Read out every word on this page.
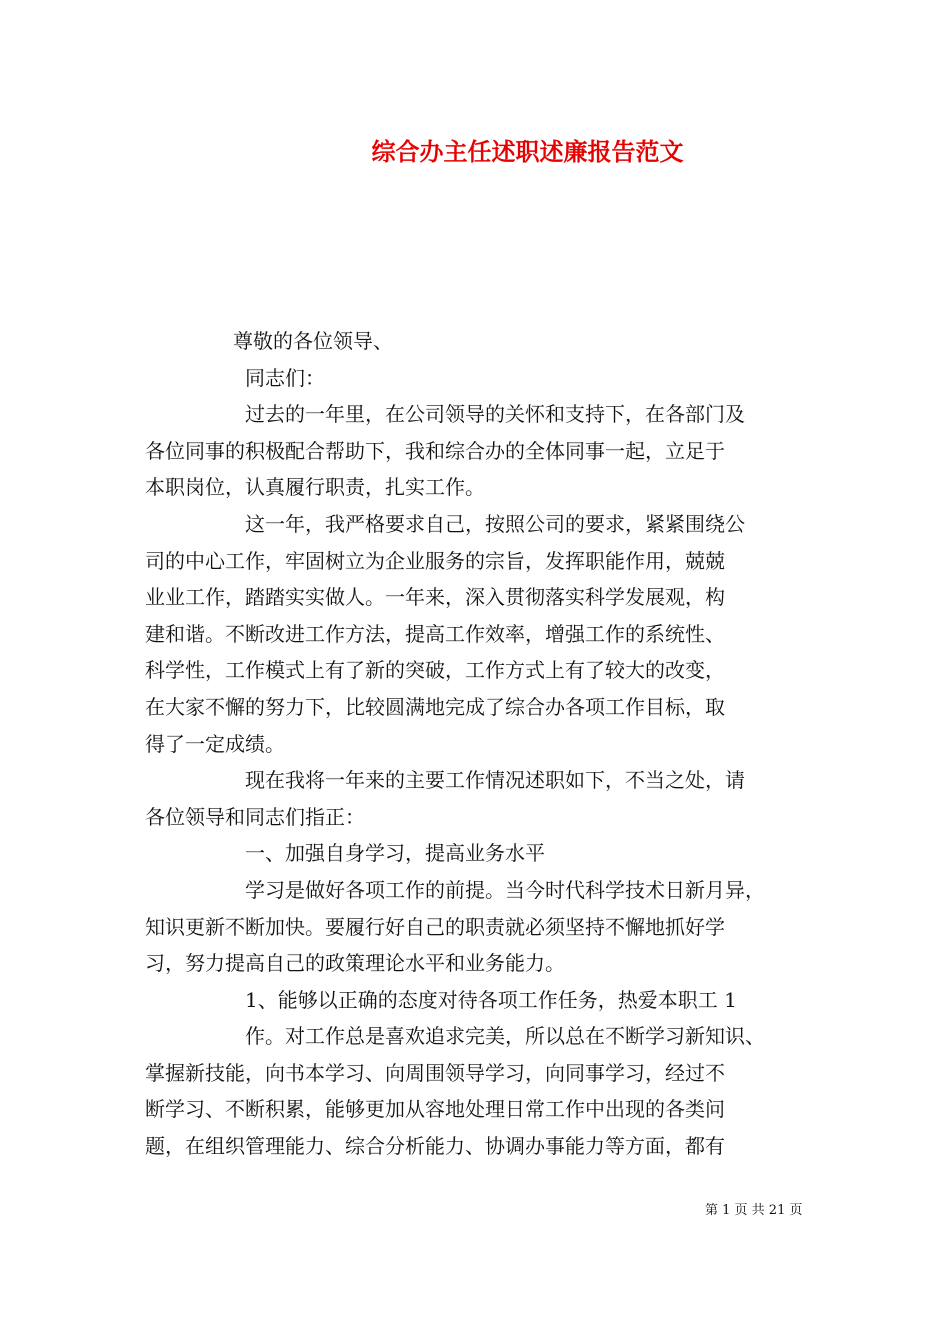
综合办主任述职述廉报告范文
尊敬的各位领导、
同志们：
过去的一年里，在公司领导的关怀和支持下，在各部门及
各位同事的积极配合帮助下，我和综合办的全体同事一起，立足于
本职岗位，认真履行职责，扎实工作。
这一年，我严格要求自己，按照公司的要求，紧紧围绕公
司的中心工作，牢固树立为企业服务的宗旨，发挥职能作用，兢兢
业业工作，踏踏实实做人。一年来，深入贯彻落实科学发展观，构
建和谐。不断改进工作方法，提高工作效率，增强工作的系统性、
科学性，工作模式上有了新的突破，工作方式上有了较大的改变，
在大家不懈的努力下，比较圆满地完成了综合办各项工作目标，取
得了一定成绩。
现在我将一年来的主要工作情况述职如下，不当之处，请
各位领导和同志们指正：
一、加强自身学习，提高业务水平
学习是做好各项工作的前提。当今时代科学技术日新月异，
知识更新不断加快。要履行好自己的职责就必须坚持不懈地抓好学
习，努力提高自己的政策理论水平和业务能力。
1、能够以正确的态度对待各项工作任务，热爱本职工 1
作。对工作总是喜欢追求完美，所以总在不断学习新知识、
掌握新技能，向书本学习、向周围领导学习，向同事学习，经过不
断学习、不断积累，能够更加从容地处理日常工作中出现的各类问
题，在组织管理能力、综合分析能力、协调办事能力等方面，都有
第 1 页 共 21 页
